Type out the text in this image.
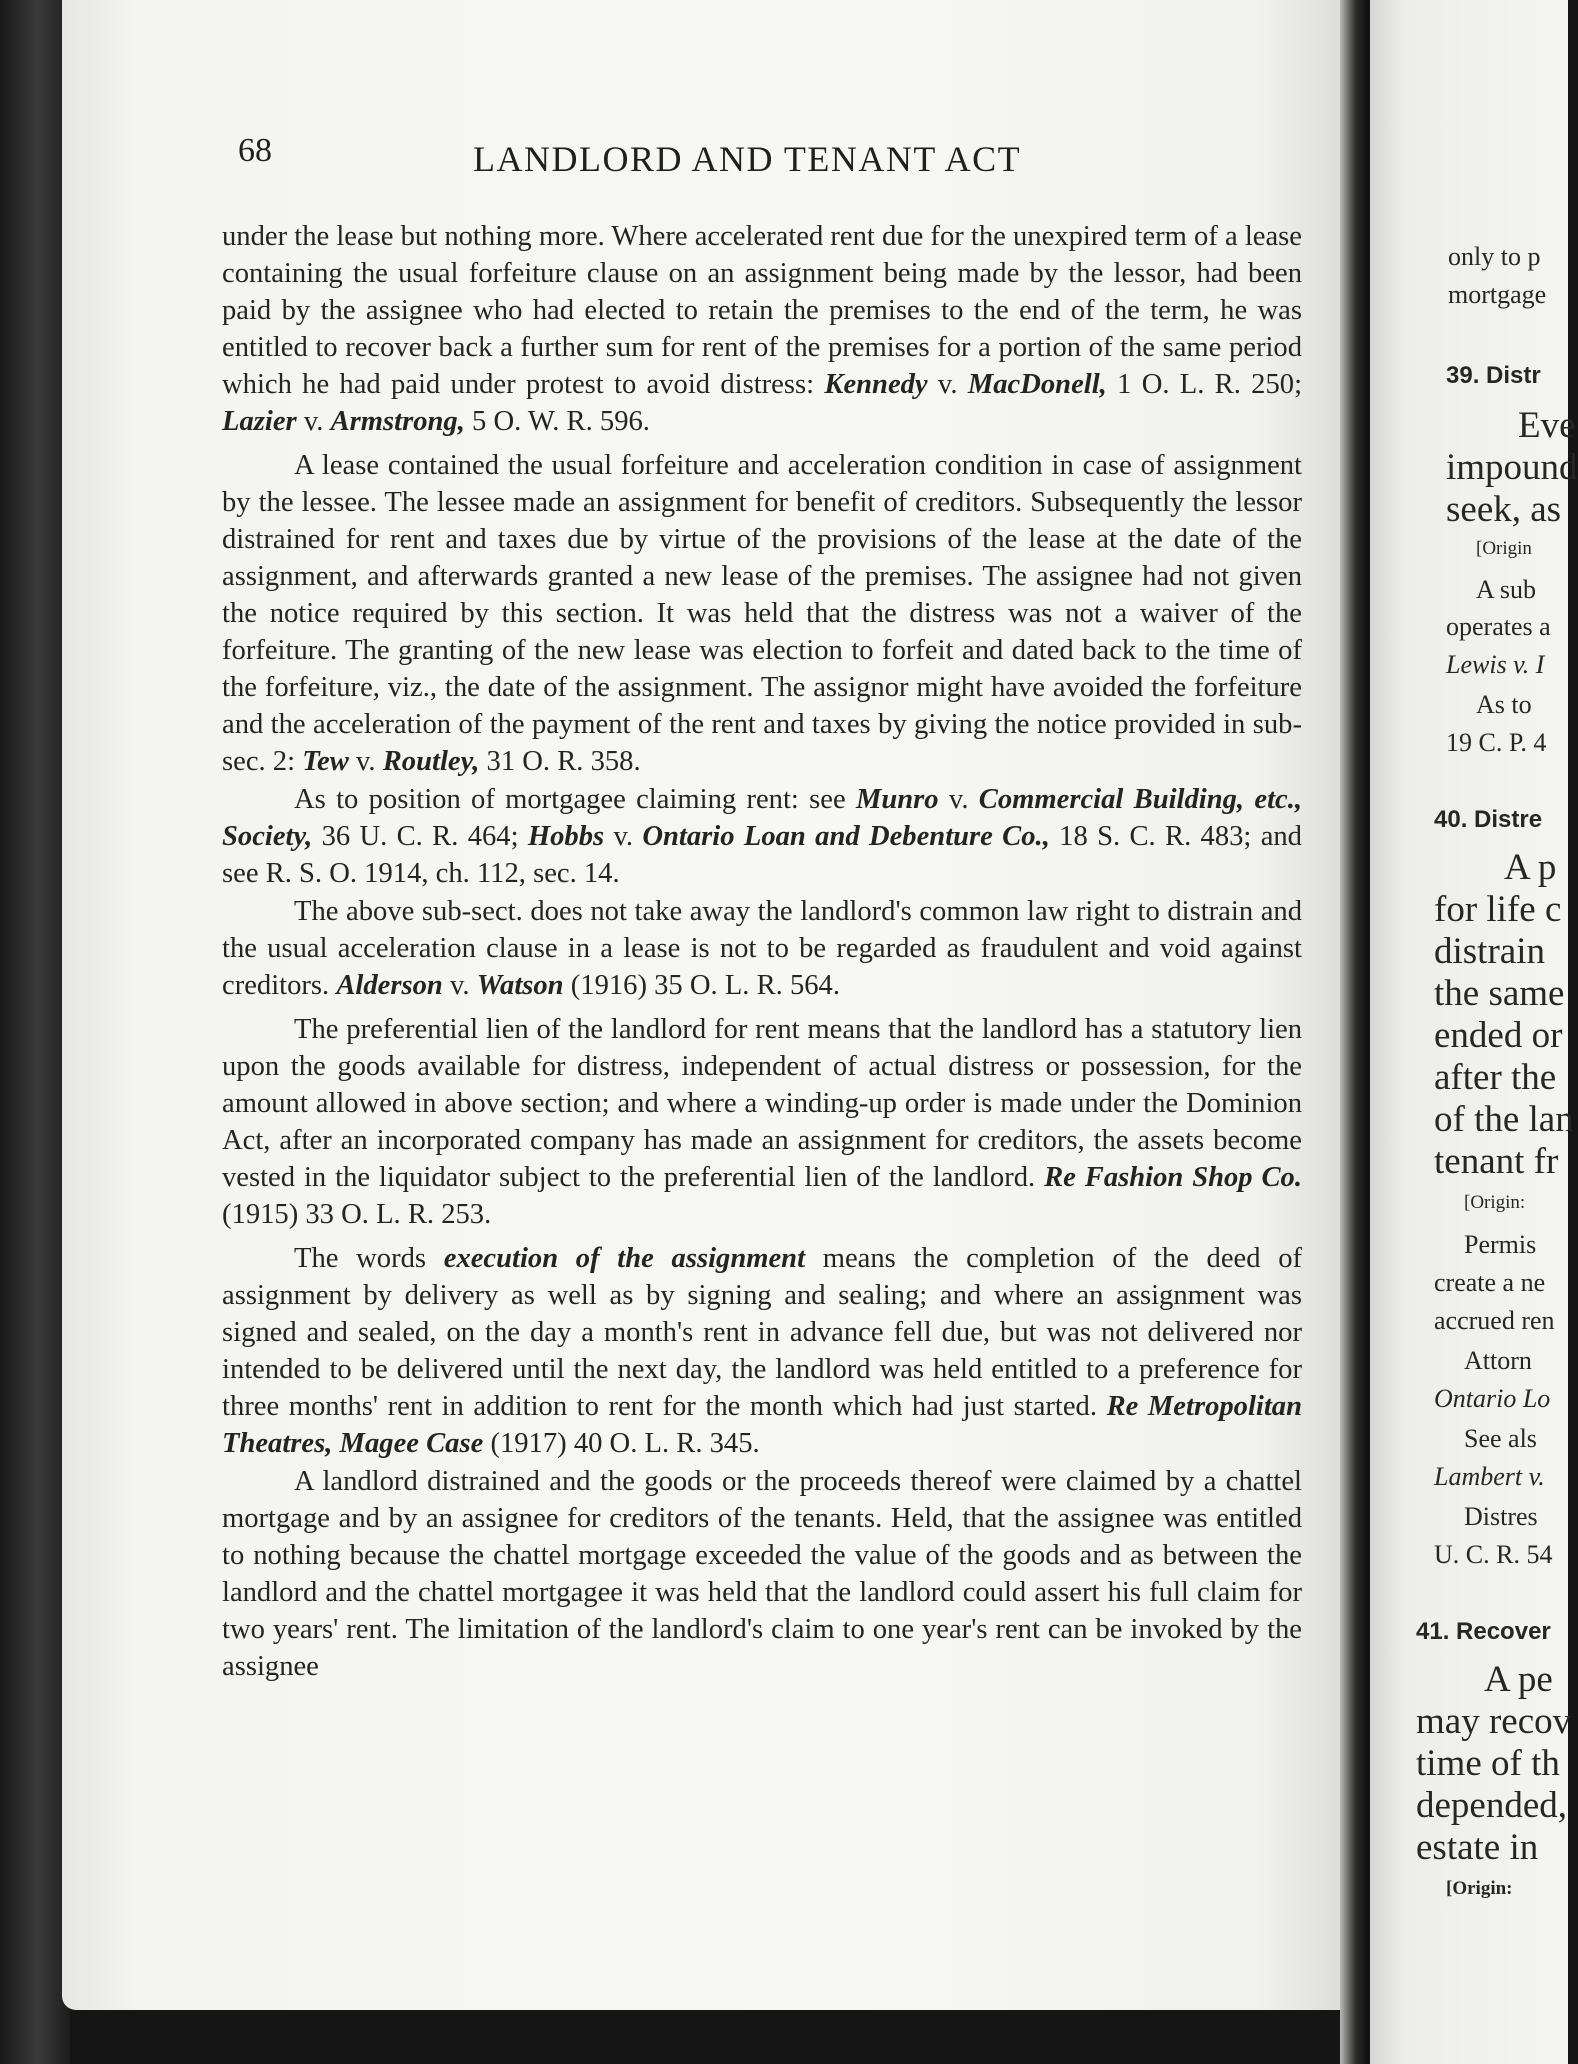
68	LANDLORD AND TENANT ACT

under the lease but nothing more. Where accelerated rent due for the unexpired term of a lease containing the usual forfeiture clause on an assignment being made by the lessor, had been paid by the assignee who had elected to retain the premises to the end of the term, he was entitled to recover back a further sum for rent of the premises for a portion of the same period which he had paid under protest to avoid distress: Kennedy v. MacDonell, 1 O. L. R. 250; Lazier v. Armstrong, 5 O. W. R. 596.

A lease contained the usual forfeiture and acceleration condition in case of assignment by the lessee. The lessee made an assignment for benefit of creditors. Subsequently the lessor distrained for rent and taxes due by virtue of the provisions of the lease at the date of the assignment, and afterwards granted a new lease of the premises. The assignee had not given the notice required by this section. It was held that the distress was not a waiver of the forfeiture. The granting of the new lease was election to forfeit and dated back to the time of the forfeiture, viz., the date of the assignment. The assignor might have avoided the forfeiture and the acceleration of the payment of the rent and taxes by giving the notice provided in sub-sec. 2: Tew v. Routley, 31 O. R. 358.

As to position of mortgagee claiming rent: see Munro v. Commercial Building, etc., Society, 36 U. C. R. 464; Hobbs v. Ontario Loan and Debenture Co., 18 S. C. R. 483; and see R. S. O. 1914, ch. 112, sec. 14.

The above sub-sect. does not take away the landlord's common law right to distrain and the usual acceleration clause in a lease is not to be regarded as fraudulent and void against creditors. Alderson v. Watson (1916) 35 O. L. R. 564.

The preferential lien of the landlord for rent means that the landlord has a statutory lien upon the goods available for distress, independent of actual distress or possession, for the amount allowed in above section; and where a winding-up order is made under the Dominion Act, after an incorporated company has made an assignment for creditors, the assets become vested in the liquidator subject to the preferential lien of the landlord. Re Fashion Shop Co. (1915) 33 O. L. R. 253.

The words execution of the assignment means the completion of the deed of assignment by delivery as well as by signing and sealing; and where an assignment was signed and sealed, on the day a month's rent in advance fell due, but was not delivered nor intended to be delivered until the next day, the landlord was held entitled to a preference for three months' rent in addition to rent for the month which had just started. Re Metropolitan Theatres, Magee Case (1917) 40 O. L. R. 345.

A landlord distrained and the goods or the proceeds thereof were claimed by a chattel mortgage and by an assignee for creditors of the tenants. Held, that the assignee was entitled to nothing because the chattel mortgage exceeded the value of the goods and as between the landlord and the chattel mortgagee it was held that the landlord could assert his full claim for two years' rent. The limitation of the landlord's claim to one year's rent can be invoked by the assignee

only to p
mortgage
39. Distr
Eve
impound
seek, as
[Origin
A sub
operates a
Lewis v. I
As to
19 C. P. 4
40. Distre
A p
for life c
distrain
the same
ended or
after the
of the lan
tenant fr
[Origin:
Permis
create a ne
accrued ren
Attorn
Ontario Lo
See als
Lambert v.
Distres
U. C. R. 54
41. Recover
A pe
may recov
time of th
depended,
estate in
[Origin:
